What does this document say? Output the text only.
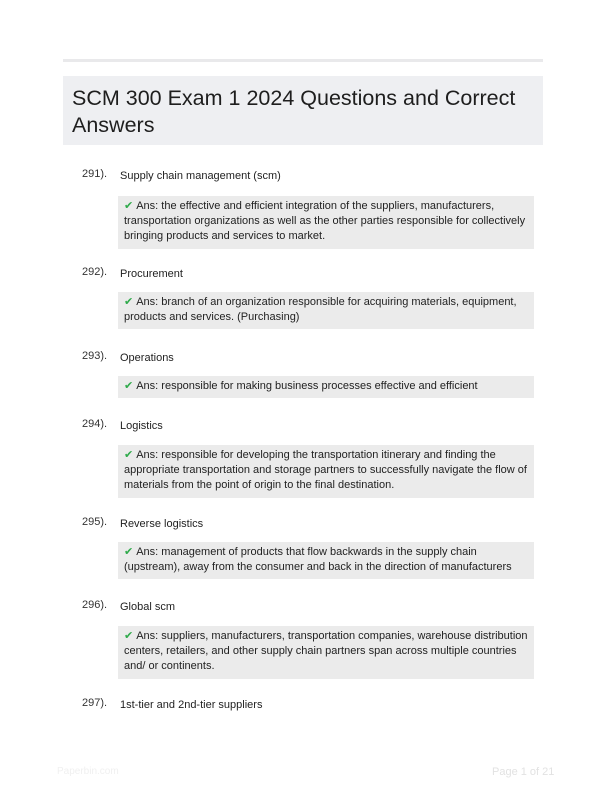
SCM 300 Exam 1 2024 Questions and Correct Answers
291). Supply chain management (scm)
✔ Ans: the effective and efficient integration of the suppliers, manufacturers, transportation organizations as well as the other parties responsible for collectively bringing products and services to market.
292). Procurement
✔ Ans: branch of an organization responsible for acquiring materials, equipment, products and services. (Purchasing)
293). Operations
✔ Ans: responsible for making business processes effective and efficient
294). Logistics
✔ Ans: responsible for developing the transportation itinerary and finding the appropriate transportation and storage partners to successfully navigate the flow of materials from the point of origin to the final destination.
295). Reverse logistics
✔ Ans: management of products that flow backwards in the supply chain (upstream), away from the consumer and back in the direction of manufacturers
296). Global scm
✔ Ans: suppliers, manufacturers, transportation companies, warehouse distribution centers, retailers, and other supply chain partners span across multiple countries and/ or continents.
297). 1st-tier and 2nd-tier suppliers
Paperbin.com	Page 1 of 21
